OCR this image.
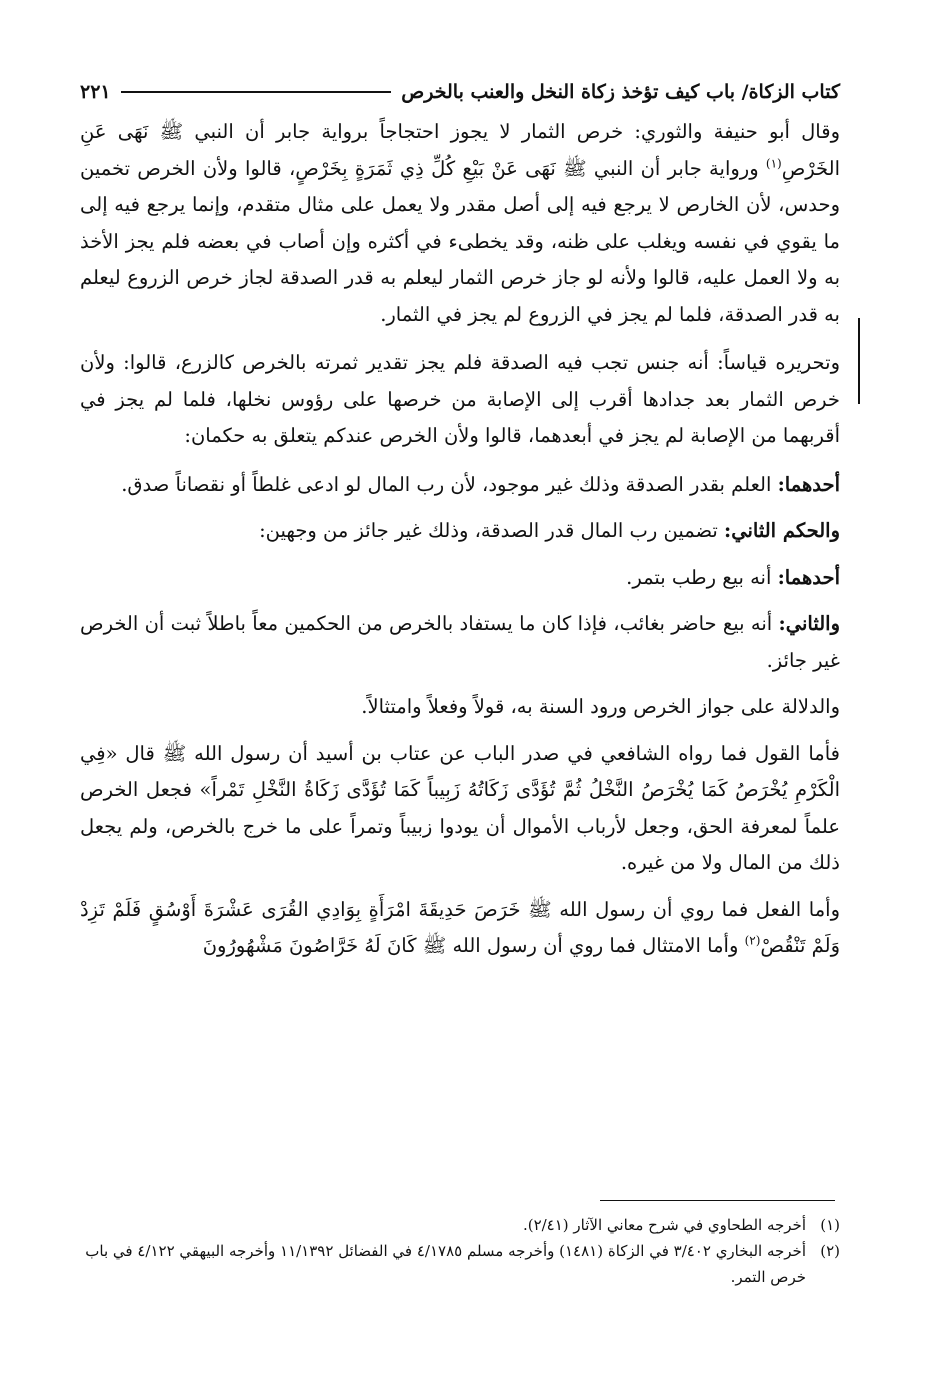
كتاب الزكاة/ باب كيف تؤخذ زكاة النخل والعنب بالخرص
٢٢١

وقال أبو حنيفة والثوري: خرص الثمار لا يجوز احتجاجاً برواية جابر أن النبي ﷺ نَهَى عَنِ الخَرْصِ$^{(١)}$ ورواية جابر أن النبي ﷺ نَهَى عَنْ بَيْعِ كُلِّ ذِي ثَمَرَةٍ بِخَرْصٍ، قالوا ولأن الخرص تخمين وحدس، لأن الخارص لا يرجع فيه إلى أصل مقدر ولا يعمل على مثال متقدم، وإنما يرجع فيه إلى ما يقوي في نفسه ويغلب على ظنه، وقد يخطىء في أكثره وإن أصاب في بعضه فلم يجز الأخذ به ولا العمل عليه، قالوا ولأنه لو جاز خرص الثمار ليعلم به قدر الصدقة لجاز خرص الزروع ليعلم به قدر الصدقة، فلما لم يجز في الزروع لم يجز في الثمار.

وتحريره قياساً: أنه جنس تجب فيه الصدقة فلم يجز تقدير ثمرته بالخرص كالزرع، قالوا: ولأن خرص الثمار بعد جدادها أقرب إلى الإصابة من خرصها على رؤوس نخلها، فلما لم يجز في أقربهما من الإصابة لم يجز في أبعدهما، قالوا ولأن الخرص عندكم يتعلق به حكمان:

أحدهما: العلم بقدر الصدقة وذلك غير موجود، لأن رب المال لو ادعى غلطاً أو نقصاناً صدق.

والحكم الثاني: تضمين رب المال قدر الصدقة، وذلك غير جائز من وجهين:

أحدهما: أنه بيع رطب بتمر.

والثاني: أنه بيع حاضر بغائب، فإذا كان ما يستفاد بالخرص من الحكمين معاً باطلاً ثبت أن الخرص غير جائز.

والدلالة على جواز الخرص ورود السنة به، قولاً وفعلاً وامتثالاً.

فأما القول فما رواه الشافعي في صدر الباب عن عتاب بن أسيد أن رسول الله ﷺ قال «فِي الْكَرْمِ يُخْرَصُ كَمَا يُخْرَصُ النَّخْلُ ثُمَّ تُؤَدَّى زَكَاتُهُ زَبِيباً كَمَا تُؤَدَّى زَكَاةُ النَّخْلِ تَمْراً» فجعل الخرص علماً لمعرفة الحق، وجعل لأرباب الأموال أن يودوا زبيباً وتمراً على ما خرج بالخرص، ولم يجعل ذلك من المال ولا من غيره.

وأما الفعل فما روي أن رسول الله ﷺ خَرَصَ حَدِيقَةَ امْرَأَةٍ بِوَادِي القُرَى عَشْرَةَ أَوْسُقٍ فَلَمْ تَزِدْ وَلَمْ تَنْقُصْ$^{(٢)}$ وأما الامتثال فما روي أن رسول الله ﷺ كَانَ لَهُ خَرَّاصُونَ مَشْهُورُونَ

(١)
أخرجه الطحاوي في شرح معاني الآثار (٢/٤١).
(٢)
أخرجه البخاري ٣/٤٠٢ في الزكاة (١٤٨١) وأخرجه مسلم ٤/١٧٨٥ في الفضائل ١١/١٣٩٢ وأخرجه البيهقي ٤/١٢٢ في باب خرص التمر.
